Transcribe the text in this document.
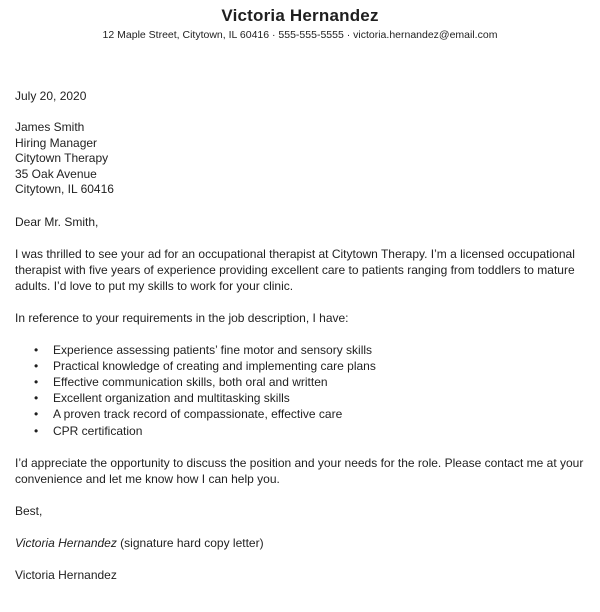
Victoria Hernandez
12 Maple Street, Citytown, IL 60416 · 555-555-5555 · victoria.hernandez@email.com
July 20, 2020
James Smith
Hiring Manager
Citytown Therapy
35 Oak Avenue
Citytown, IL 60416

Dear Mr. Smith,

I was thrilled to see your ad for an occupational therapist at Citytown Therapy. I’m a licensed occupational therapist with five years of experience providing excellent care to patients ranging from toddlers to mature adults. I’d love to put my skills to work for your clinic.

In reference to your requirements in the job description, I have:

• Experience assessing patients’ fine motor and sensory skills
• Practical knowledge of creating and implementing care plans
• Effective communication skills, both oral and written
• Excellent organization and multitasking skills
• A proven track record of compassionate, effective care
• CPR certification

I’d appreciate the opportunity to discuss the position and your needs for the role. Please contact me at your convenience and let me know how I can help you.

Best,

Victoria Hernandez (signature hard copy letter)

Victoria Hernandez
